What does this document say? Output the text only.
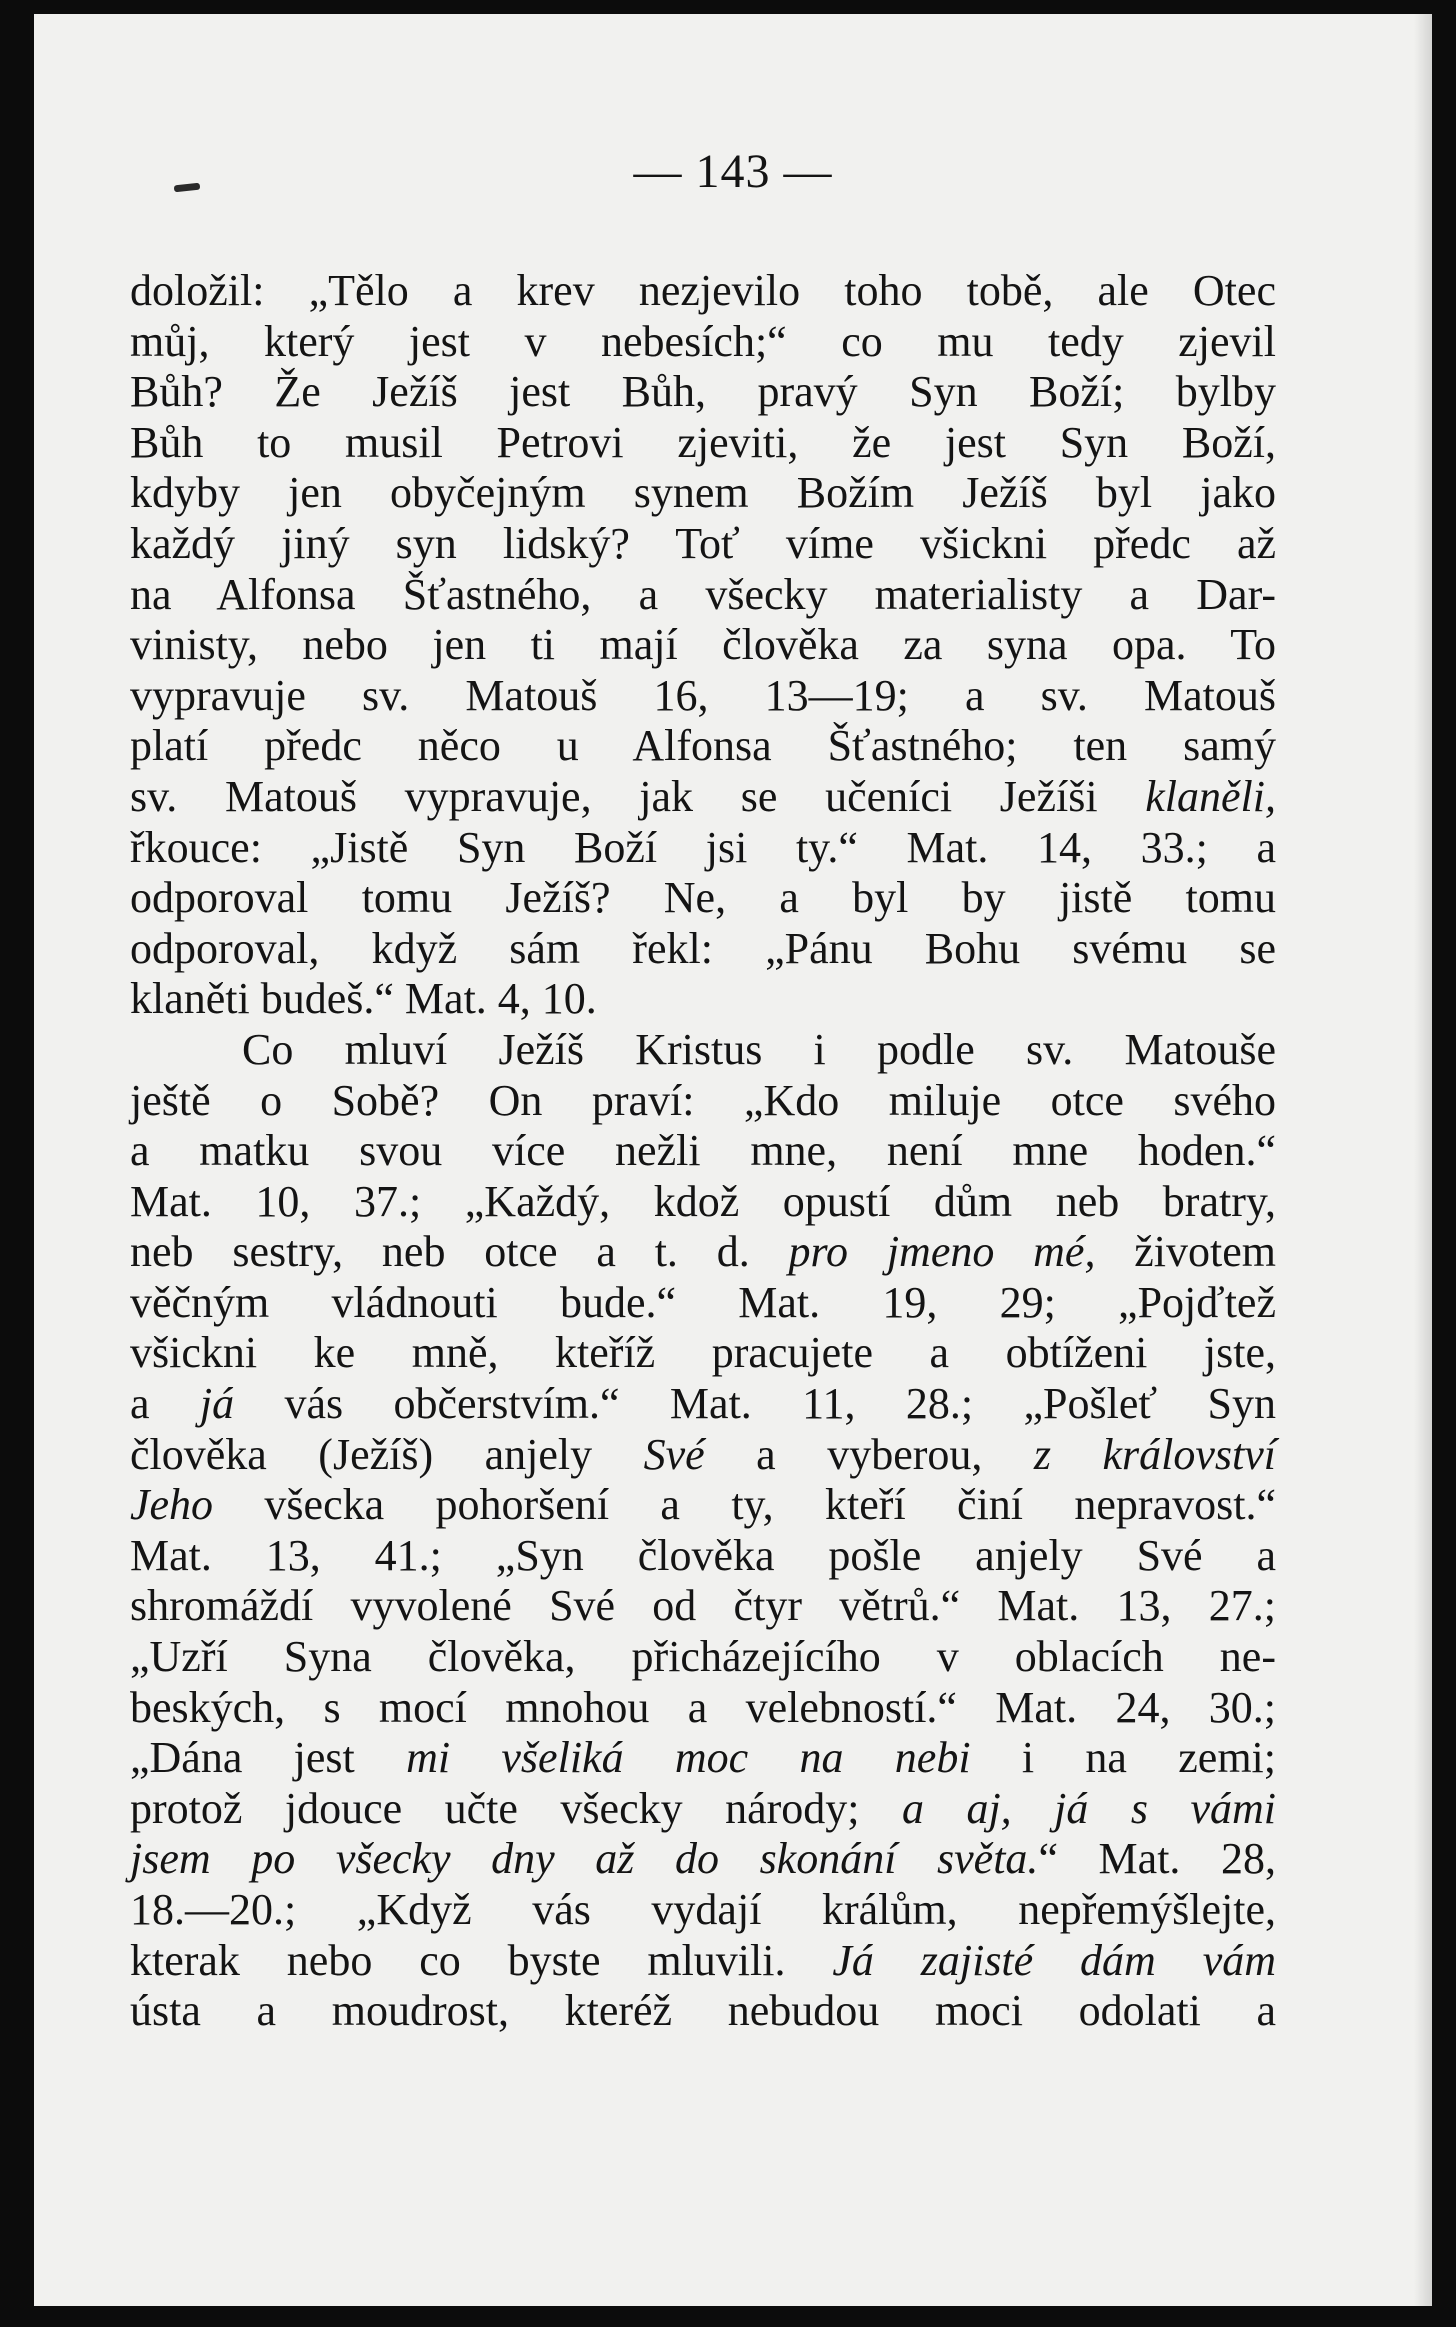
— 143 —
doložil: „Tělo a krev nezjevilo toho tobě, ale Otec
můj, který jest v nebesích;“ co mu tedy zjevil
Bůh? Že Ježíš jest Bůh, pravý Syn Boží; bylby
Bůh to musil Petrovi zjeviti, že jest Syn Boží,
kdyby jen obyčejným synem Božím Ježíš byl jako
každý jiný syn lidský? Toť víme všickni předc až
na Alfonsa Šťastného, a všecky materialisty a Dar-
vinisty, nebo jen ti mají člověka za syna opa. To
vypravuje sv. Matouš 16, 13—19; a sv. Matouš
platí předc něco u Alfonsa Šťastného; ten samý
sv. Matouš vypravuje, jak se učeníci Ježíši klaněli,
řkouce: „Jistě Syn Boží jsi ty.“ Mat. 14, 33.; a
odporoval tomu Ježíš? Ne, a byl by jistě tomu
odporoval, když sám řekl: „Pánu Bohu svému se
klaněti budeš.“ Mat. 4, 10.
Co mluví Ježíš Kristus i podle sv. Matouše
ještě o Sobě? On praví: „Kdo miluje otce svého
a matku svou více nežli mne, není mne hoden.“
Mat. 10, 37.; „Každý, kdož opustí dům neb bratry,
neb sestry, neb otce a t. d. pro jmeno mé, životem
věčným vládnouti bude.“ Mat. 19, 29; „Pojďtež
všickni ke mně, kteříž pracujete a obtíženi jste,
a já vás občerstvím.“ Mat. 11, 28.; „Pošleť Syn
člověka (Ježíš) anjely Své a vyberou, z království
Jeho všecka pohoršení a ty, kteří činí nepravost.“
Mat. 13, 41.; „Syn člověka pošle anjely Své a
shromáždí vyvolené Své od čtyr větrů.“ Mat. 13, 27.;
„Uzří Syna člověka, přicházejícího v oblacích ne-
beských, s mocí mnohou a velebností.“ Mat. 24, 30.;
„Dána jest mi všeliká moc na nebi i na zemi;
protož jdouce učte všecky národy; a aj, já s vámi
jsem po všecky dny až do skonání světa.“ Mat. 28,
18.—20.; „Když vás vydají králům, nepřemýšlejte,
kterak nebo co byste mluvili. Já zajisté dám vám
ústa a moudrost, kteréž nebudou moci odolati a
